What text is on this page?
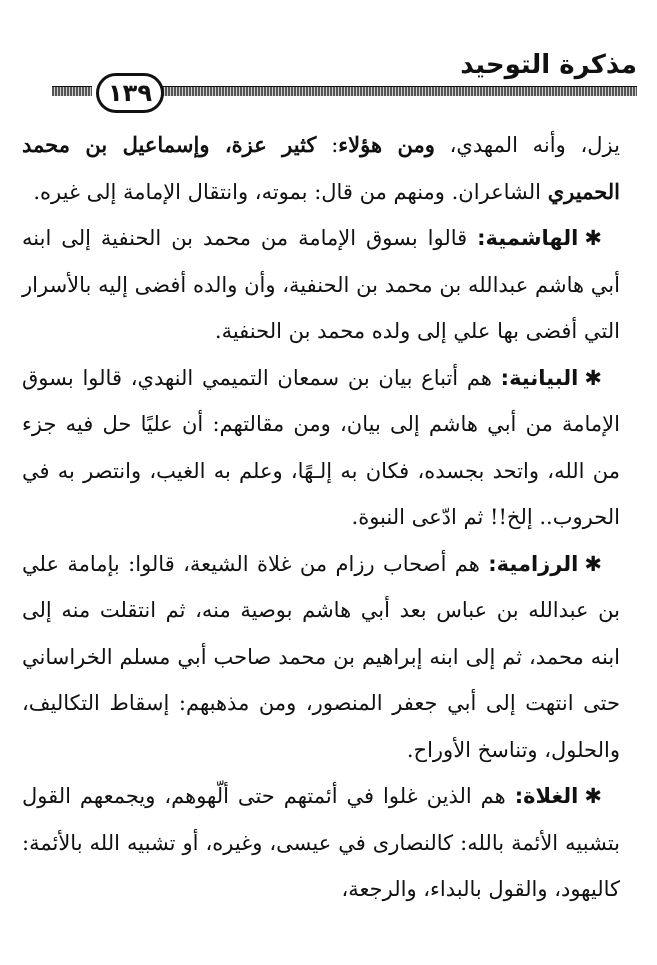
مذكرة التوحيد
١٣٩

يزل، وأنه المهدي، ومن هؤلاء: كثير عزة، وإسماعيل بن محمد الحميري الشاعران. ومنهم من قال: بموته، وانتقال الإمامة إلى غيره.

✱الهاشمية: قالوا بسوق الإمامة من محمد بن الحنفية إلى ابنه أبي هاشم عبدالله بن محمد بن الحنفية، وأن والده أفضى إليه بالأسرار التي أفضى بها علي إلى ولده محمد بن الحنفية.

✱البيانية: هم أتباع بيان بن سمعان التميمي النهدي، قالوا بسوق الإمامة من أبي هاشم إلى بيان، ومن مقالتهم: أن عليًا حل فيه جزء من الله، واتحد بجسده، فكان به إلـهًا، وعلم به الغيب، وانتصر به في الحروب.. إلخ!! ثم ادّعى النبوة.

✱الرزامية: هم أصحاب رزام من غلاة الشيعة، قالوا: بإمامة علي بن عبدالله بن عباس بعد أبي هاشم بوصية منه، ثم انتقلت منه إلى ابنه محمد، ثم إلى ابنه إبراهيم بن محمد صاحب أبي مسلم الخراساني حتى انتهت إلى أبي جعفر المنصور، ومن مذهبهم: إسقاط التكاليف، والحلول، وتناسخ الأوراح.

✱الغلاة: هم الذين غلوا في أئمتهم حتى ألّهوهم، ويجمعهم القول بتشبيه الأئمة بالله: كالنصارى في عيسى، وغيره، أو تشبيه الله بالأئمة: كاليهود، والقول بالبداء، والرجعة،
